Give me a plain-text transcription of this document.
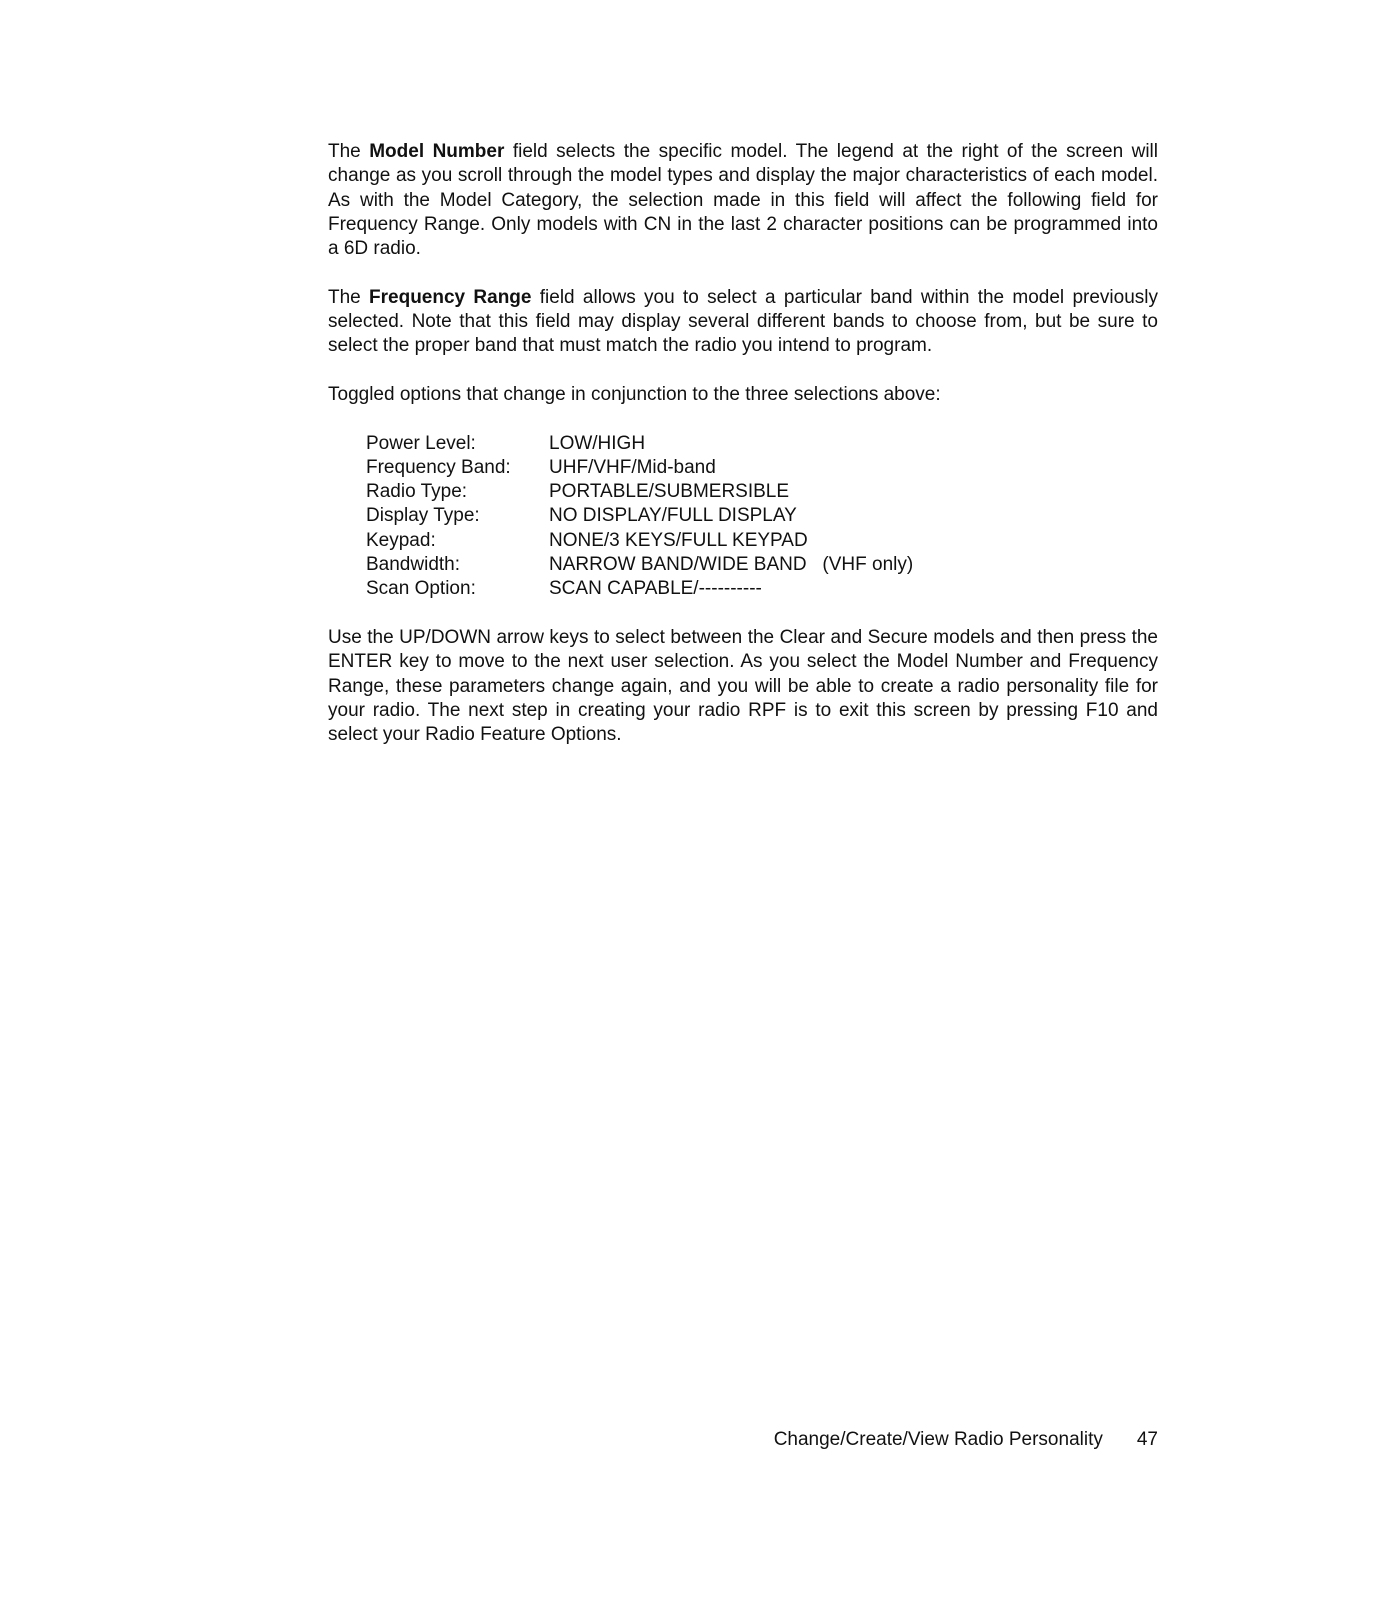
The Model Number field selects the specific model. The legend at the right of the screen will change as you scroll through the model types and display the major characteristics of each model. As with the Model Category, the selection made in this field will affect the following field for Frequency Range. Only models with CN in the last 2 character positions can be programmed into a 6D radio.

The Frequency Range field allows you to select a particular band within the model previously selected. Note that this field may display several different bands to choose from, but be sure to select the proper band that must match the radio you intend to program.

Toggled options that change in conjunction to the three selections above:

Power Level:	LOW/HIGH
Frequency Band:	UHF/VHF/Mid-band
Radio Type:	PORTABLE/SUBMERSIBLE
Display Type:	NO DISPLAY/FULL DISPLAY
Keypad:	NONE/3 KEYS/FULL KEYPAD
Bandwidth:	NARROW BAND/WIDE BAND   (VHF only)
Scan Option:	SCAN CAPABLE/----------

Use the UP/DOWN arrow keys to select between the Clear and Secure models and then press the ENTER key to move to the next user selection. As you select the Model Number and Frequency Range, these parameters change again, and you will be able to create a radio personality file for your radio. The next step in creating your radio RPF is to exit this screen by pressing F10 and select your Radio Feature Options.

Change/Create/View Radio Personality 47
